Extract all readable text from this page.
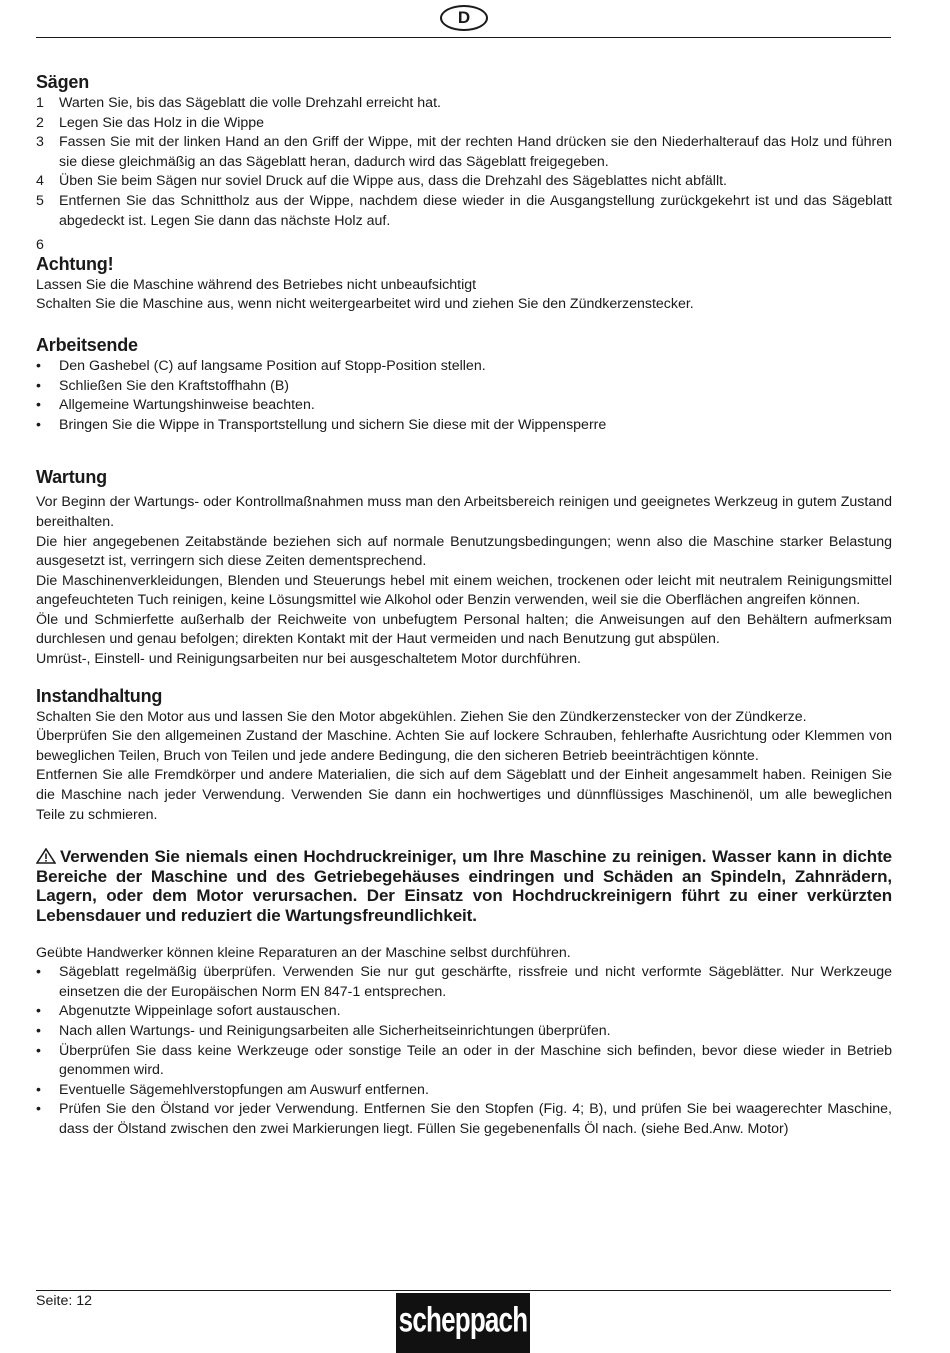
D
Sägen
1 Warten Sie, bis das Sägeblatt die volle Drehzahl erreicht hat.
2 Legen Sie das Holz in die Wippe
3 Fassen Sie mit der linken Hand an den Griff der Wippe, mit der rechten Hand drücken sie den Niederhalterauf das Holz und führen sie diese gleichmäßig an das Sägeblatt heran, dadurch wird das Sägeblatt freigegeben.
4 Üben Sie beim Sägen nur soviel Druck auf die Wippe aus, dass die Drehzahl des Sägeblattes nicht abfällt.
5 Entfernen Sie das Schnittholz aus der Wippe, nachdem diese wieder in die Ausgangstellung zurückgekehrt ist und das Sägeblatt abgedeckt ist. Legen Sie dann das nächste Holz auf.
6

Achtung!

Lassen Sie die Maschine während des Betriebes nicht unbeaufsichtigt

Schalten Sie die Maschine aus, wenn nicht weitergearbeitet wird und ziehen Sie den Zündkerzenstecker.

Arbeitsende
• Den Gashebel (C) auf langsame Position auf Stopp-Position stellen.
• Schließen Sie den Kraftstoffhahn (B)
• Allgemeine Wartungshinweise beachten.
• Bringen Sie die Wippe in Transportstellung und sichern Sie diese mit der Wippensperre
Wartung

Vor Beginn der Wartungs- oder Kontrollmaßnahmen muss man den Arbeitsbereich reinigen und geeignetes Werkzeug in gutem Zustand bereithalten.

Die hier angegebenen Zeitabstände beziehen sich auf normale Benutzungsbedingungen; wenn also die Maschine starker Belastung ausgesetzt ist, verringern sich diese Zeiten dementsprechend.

Die Maschinenverkleidungen, Blenden und Steuerungs hebel mit einem weichen, trockenen oder leicht mit neutralem Reinigungsmittel angefeuchteten Tuch reinigen, keine Lösungsmittel wie Alkohol oder Benzin verwenden, weil sie die Oberflächen angreifen können.

Öle und Schmierfette außerhalb der Reichweite von unbefugtem Personal halten; die Anweisungen auf den Behältern aufmerksam durchlesen und genau befolgen; direkten Kontakt mit der Haut vermeiden und nach Benutzung gut abspülen.

Umrüst-, Einstell- und Reinigungsarbeiten nur bei ausgeschaltetem Motor durchführen.

Instandhaltung

Schalten Sie den Motor aus und lassen Sie den Motor abgekühlen. Ziehen Sie den Zündkerzenstecker von der Zündkerze.

Überprüfen Sie den allgemeinen Zustand der Maschine. Achten Sie auf lockere Schrauben, fehlerhafte Ausrichtung oder Klemmen von beweglichen Teilen, Bruch von Teilen und jede andere Bedingung, die den sicheren Betrieb beeinträchtigen könnte.

Entfernen Sie alle Fremdkörper und andere Materialien, die sich auf dem Sägeblatt und der Einheit angesammelt haben. Reinigen Sie die Maschine nach jeder Verwendung. Verwenden Sie dann ein hochwertiges und dünnflüssiges Maschinenöl, um alle beweglichen Teile zu schmieren.

Verwenden Sie niemals einen Hochdruckreiniger, um Ihre Maschine zu reinigen. Wasser kann in dichte Bereiche der Maschine und des Getriebegehäuses eindringen und Schäden an Spindeln, Zahnrädern, Lagern, oder dem Motor verursachen. Der Einsatz von Hochdruckreinigern führt zu einer verkürzten Lebensdauer und reduziert die Wartungsfreundlichkeit.

Geübte Handwerker können kleine Reparaturen an der Maschine selbst durchführen.

• Sägeblatt regelmäßig überprüfen. Verwenden Sie nur gut geschärfte, rissfreie und nicht verformte Sägeblätter. Nur Werkzeuge einsetzen die der Europäischen Norm EN 847-1 entsprechen.
• Abgenutzte Wippeinlage sofort austauschen.
• Nach allen Wartungs- und Reinigungsarbeiten alle Sicherheitseinrichtungen überprüfen.
• Überprüfen Sie dass keine Werkzeuge oder sonstige Teile an oder in der Maschine sich befinden, bevor diese wieder in Betrieb genommen wird.
• Eventuelle Sägemehlverstopfungen am Auswurf entfernen.
• Prüfen Sie den Ölstand vor jeder Verwendung. Entfernen Sie den Stopfen (Fig. 4; B), und prüfen Sie bei waagerechter Maschine, dass der Ölstand zwischen den zwei Markierungen liegt. Füllen Sie gegebenenfalls Öl nach. (siehe Bed.Anw. Motor)
Seite: 12	scheppach
